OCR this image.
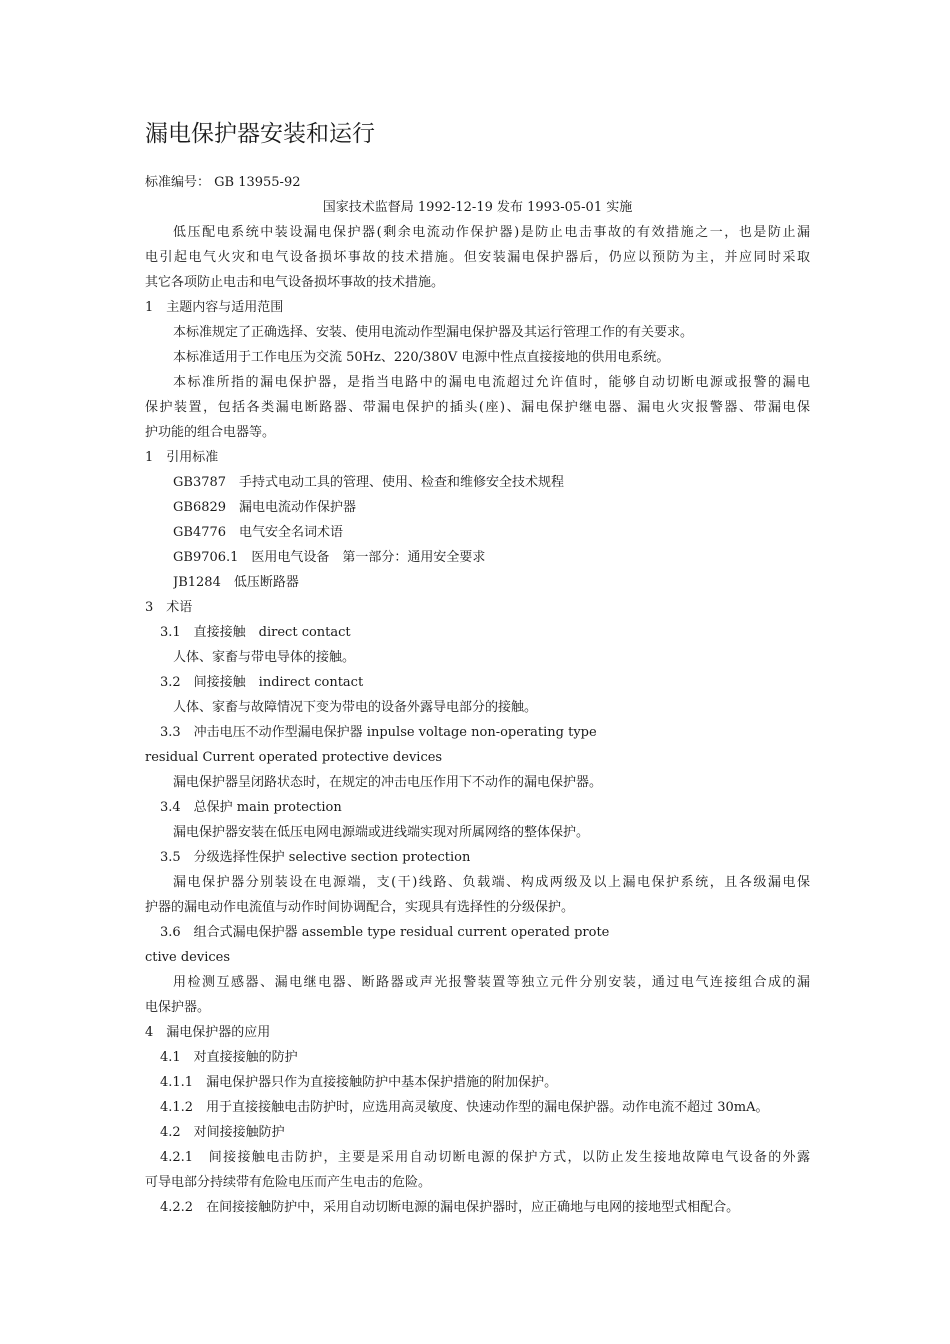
漏电保护器安装和运行
标准编号： GB 13955-92
国家技术监督局 1992-12-19 发布 1993-05-01 实施
低压配电系统中装设漏电保护器(剩余电流动作保护器)是防止电击事故的有效措施之一，也是防止漏
电引起电气火灾和电气设备损坏事故的技术措施。但安装漏电保护器后，仍应以预防为主，并应同时采取
其它各项防止电击和电气设备损坏事故的技术措施。
1　主题内容与适用范围
本标准规定了正确选择、安装、使用电流动作型漏电保护器及其运行管理工作的有关要求。
本标准适用于工作电压为交流 50Hz、220/380V 电源中性点直接接地的供用电系统。
本标准所指的漏电保护器，是指当电路中的漏电电流超过允许值时，能够自动切断电源或报警的漏电
保护装置，包括各类漏电断路器、带漏电保护的插头(座)、漏电保护继电器、漏电火灾报警器、带漏电保
护功能的组合电器等。
1　引用标准
GB3787　手持式电动工具的管理、使用、检查和维修安全技术规程
GB6829　漏电电流动作保护器
GB4776　电气安全名词术语
GB9706.1　医用电气设备　第一部分：通用安全要求
JB1284　低压断路器
3　术语
3.1　直接接触　direct contact
人体、家畜与带电导体的接触。
3.2　间接接触　indirect contact
人体、家畜与故障情况下变为带电的设备外露导电部分的接触。
3.3　冲击电压不动作型漏电保护器 inpulse voltage non-operating type
residual Current operated protective devices
漏电保护器呈闭路状态时，在规定的冲击电压作用下不动作的漏电保护器。
3.4　总保护 main protection
漏电保护器安装在低压电网电源端或进线端实现对所属网络的整体保护。
3.5　分级选择性保护 selective section protection
漏电保护器分别装设在电源端，支(干)线路、负载端、构成两级及以上漏电保护系统，且各级漏电保
护器的漏电动作电流值与动作时间协调配合，实现具有选择性的分级保护。
3.6　组合式漏电保护器 assemble type residual current operated prote
ctive devices
用检测互感器、漏电继电器、断路器或声光报警装置等独立元件分别安装，通过电气连接组合成的漏
电保护器。
4　漏电保护器的应用
4.1　对直接接触的防护
4.1.1　漏电保护器只作为直接接触防护中基本保护措施的附加保护。
4.1.2　用于直接接触电击防护时，应选用高灵敏度、快速动作型的漏电保护器。动作电流不超过 30mA。
4.2　对间接接触防护
4.2.1　间接接触电击防护，主要是采用自动切断电源的保护方式，以防止发生接地故障电气设备的外露
可导电部分持续带有危险电压而产生电击的危险。
4.2.2　在间接接触防护中，采用自动切断电源的漏电保护器时，应正确地与电网的接地型式相配合。
